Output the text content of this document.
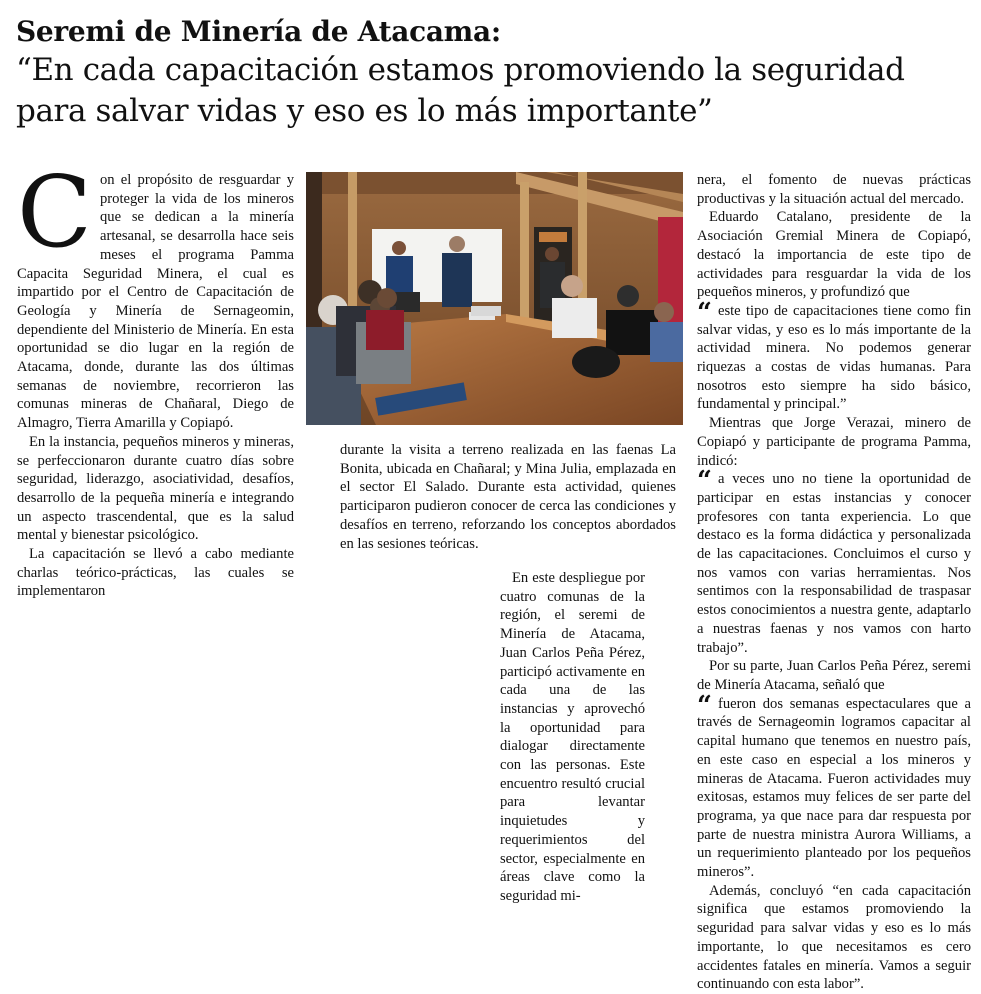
Seremi de Minería de Atacama:
“En cada capacitación estamos promoviendo la seguridad
para salvar vidas y eso es lo más importante”

Con el propósito de resguardar y proteger la vida de los mineros que se dedican a la minería artesanal, se desarrolla hace seis meses el programa Pamma Capacita Seguridad Minera, el cual es impartido por el Centro de Capacitación de Geología y Minería de Sernageomin, dependiente del Ministerio de Minería. En esta oportunidad se dio lugar en la región de Atacama, donde, durante las dos últimas semanas de noviembre, recorrieron las comunas mineras de Chañaral, Diego de Almagro, Tierra Amarilla y Copiapó.

En la instancia, pequeños mineros y mineras, se perfeccionaron durante cuatro días sobre seguridad, liderazgo, asociatividad, desafíos, desarrollo de la pequeña minería e integrando un aspecto trascendental, que es la salud mental y bienestar psicológico.

La capacitación se llevó a cabo mediante charlas teórico-prácticas, las cuales se implementaron

durante la visita a terreno realizada en las faenas La Bonita, ubicada en Chañaral; y Mina Julia, emplazada en el sector El Salado. Durante esta actividad, quienes participaron pudieron conocer de cerca las condiciones y desafíos en terreno, reforzando los conceptos abordados en las sesiones teóricas.

En este despliegue por cuatro comunas de la región, el seremi de Minería de Atacama, Juan Carlos Peña Pérez, participó activamente en cada una de las instancias y aprovechó la oportunidad para dialogar directamente con las personas. Este encuentro resultó crucial para levantar inquietudes y requerimientos del sector, especialmente en áreas clave como la seguridad mi-

nera, el fomento de nuevas prácticas productivas y la situación actual del mercado.

Eduardo Catalano, presidente de la Asociación Gremial Minera de Copiapó, destacó la importancia de este tipo de actividades para resguardar la vida de los pequeños mineros, y profundizó que

“ este tipo de capacitaciones tiene como fin salvar vidas, y eso es lo más importante de la actividad minera. No podemos generar riquezas a costas de vidas humanas. Para nosotros esto siempre ha sido básico, fundamental y principal.”

Mientras que Jorge Verazai, minero de Copiapó y participante de programa Pamma, indicó:

“ a veces uno no tiene la oportunidad de participar en estas instancias y conocer profesores con tanta experiencia. Lo que destaco es la forma didáctica y personalizada de las capacitaciones. Concluimos el curso y nos vamos con varias herramientas. Nos sentimos con la responsabilidad de traspasar estos conocimientos a nuestra gente, adaptarlo a nuestras faenas y nos vamos con harto trabajo”.

Por su parte, Juan Carlos Peña Pérez, seremi de Minería Atacama, señaló que

“ fueron dos semanas espectaculares que a través de Sernageomin logramos capacitar al capital humano que tenemos en nuestro país, en este caso en especial a los mineros y mineras de Atacama. Fueron actividades muy exitosas, estamos muy felices de ser parte del programa, ya que nace para dar respuesta por parte de nuestra ministra Aurora Williams, a un requerimiento planteado por los pequeños mineros”.

Además, concluyó “en cada capacitación significa que estamos promoviendo la seguridad para salvar vidas y eso es lo más importante, lo que necesitamos es cero accidentes fatales en minería. Vamos a seguir continuando con esta labor”.
